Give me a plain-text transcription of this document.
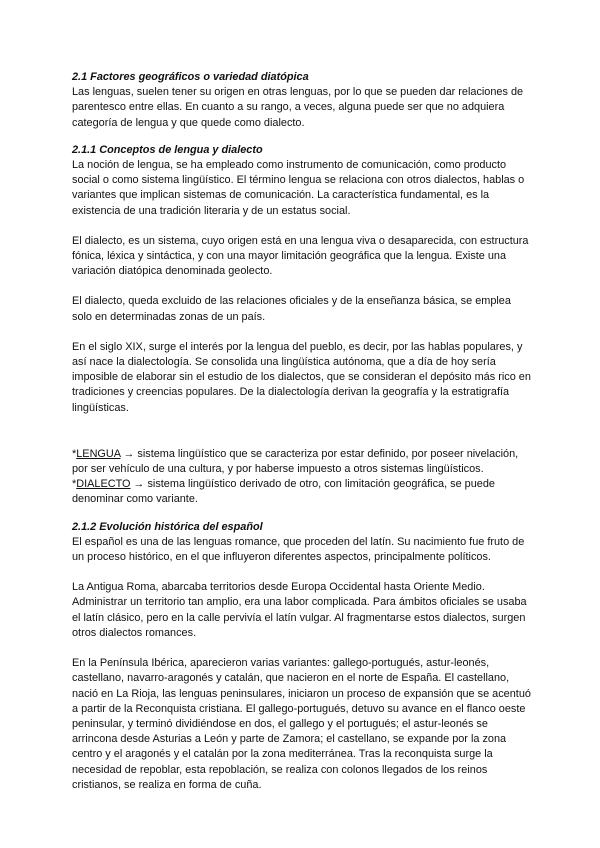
2.1 Factores geográficos o variedad diatópica

Las lenguas, suelen tener su origen en otras lenguas, por lo que se pueden dar relaciones de parentesco entre ellas. En cuanto a su rango, a veces, alguna puede ser que no adquiera categoría de lengua y que quede como dialecto.

2.1.1 Conceptos de lengua y dialecto

La noción de lengua, se ha empleado como instrumento de comunicación, como producto social o como sistema lingüístico. El término lengua se relaciona con otros dialectos, hablas o variantes que implican sistemas de comunicación. La característica fundamental, es la existencia de una tradición literaria y de un estatus social.

El dialecto, es un sistema, cuyo origen está en una lengua viva o desaparecida, con estructura fónica, léxica y sintáctica, y con una mayor limitación geográfica que la lengua. Existe una variación diatópica denominada geolecto.

El dialecto, queda excluido de las relaciones oficiales y de la enseñanza básica, se emplea solo en determinadas zonas de un país.

En el siglo XIX, surge el interés por la lengua del pueblo, es decir, por las hablas populares, y así nace la dialectología. Se consolida una lingüística autónoma, que a día de hoy sería imposible de elaborar sin el estudio de los dialectos, que se consideran el depósito más rico en tradiciones y creencias populares. De la dialectología derivan la geografía y la estratigrafía lingüísticas.

*LENGUA → sistema lingüístico que se caracteriza por estar definido, por poseer nivelación, por ser vehículo de una cultura, y por haberse impuesto a otros sistemas lingüísticos.

*DIALECTO → sistema lingüístico derivado de otro, con limitación geográfica, se puede denominar como variante.

2.1.2 Evolución histórica del español

El español es una de las lenguas romance, que proceden del latín. Su nacimiento fue fruto de un proceso histórico, en el que influyeron diferentes aspectos, principalmente políticos.

La Antigua Roma, abarcaba territorios desde Europa Occidental hasta Oriente Medio. Administrar un territorio tan amplio, era una labor complicada. Para ámbitos oficiales se usaba el latín clásico, pero en la calle pervivía el latín vulgar. Al fragmentarse estos dialectos, surgen otros dialectos romances.

En la Península Ibérica, aparecieron varias variantes: gallego-portugués, astur-leonés, castellano, navarro-aragonés y catalán, que nacieron en el norte de España. El castellano, nació en La Rioja, las lenguas peninsulares, iniciaron un proceso de expansión que se acentuó a partir de la Reconquista cristiana. El gallego-portugués, detuvo su avance en el flanco oeste peninsular, y terminó dividiéndose en dos, el gallego y el portugués; el astur-leonés se arrincona desde Asturias a León y parte de Zamora; el castellano, se expande por la zona centro y el aragonés y el catalán por la zona mediterránea. Tras la reconquista surge la necesidad de repoblar, esta repoblación, se realiza con colonos llegados de los reinos cristianos, se realiza en forma de cuña.
